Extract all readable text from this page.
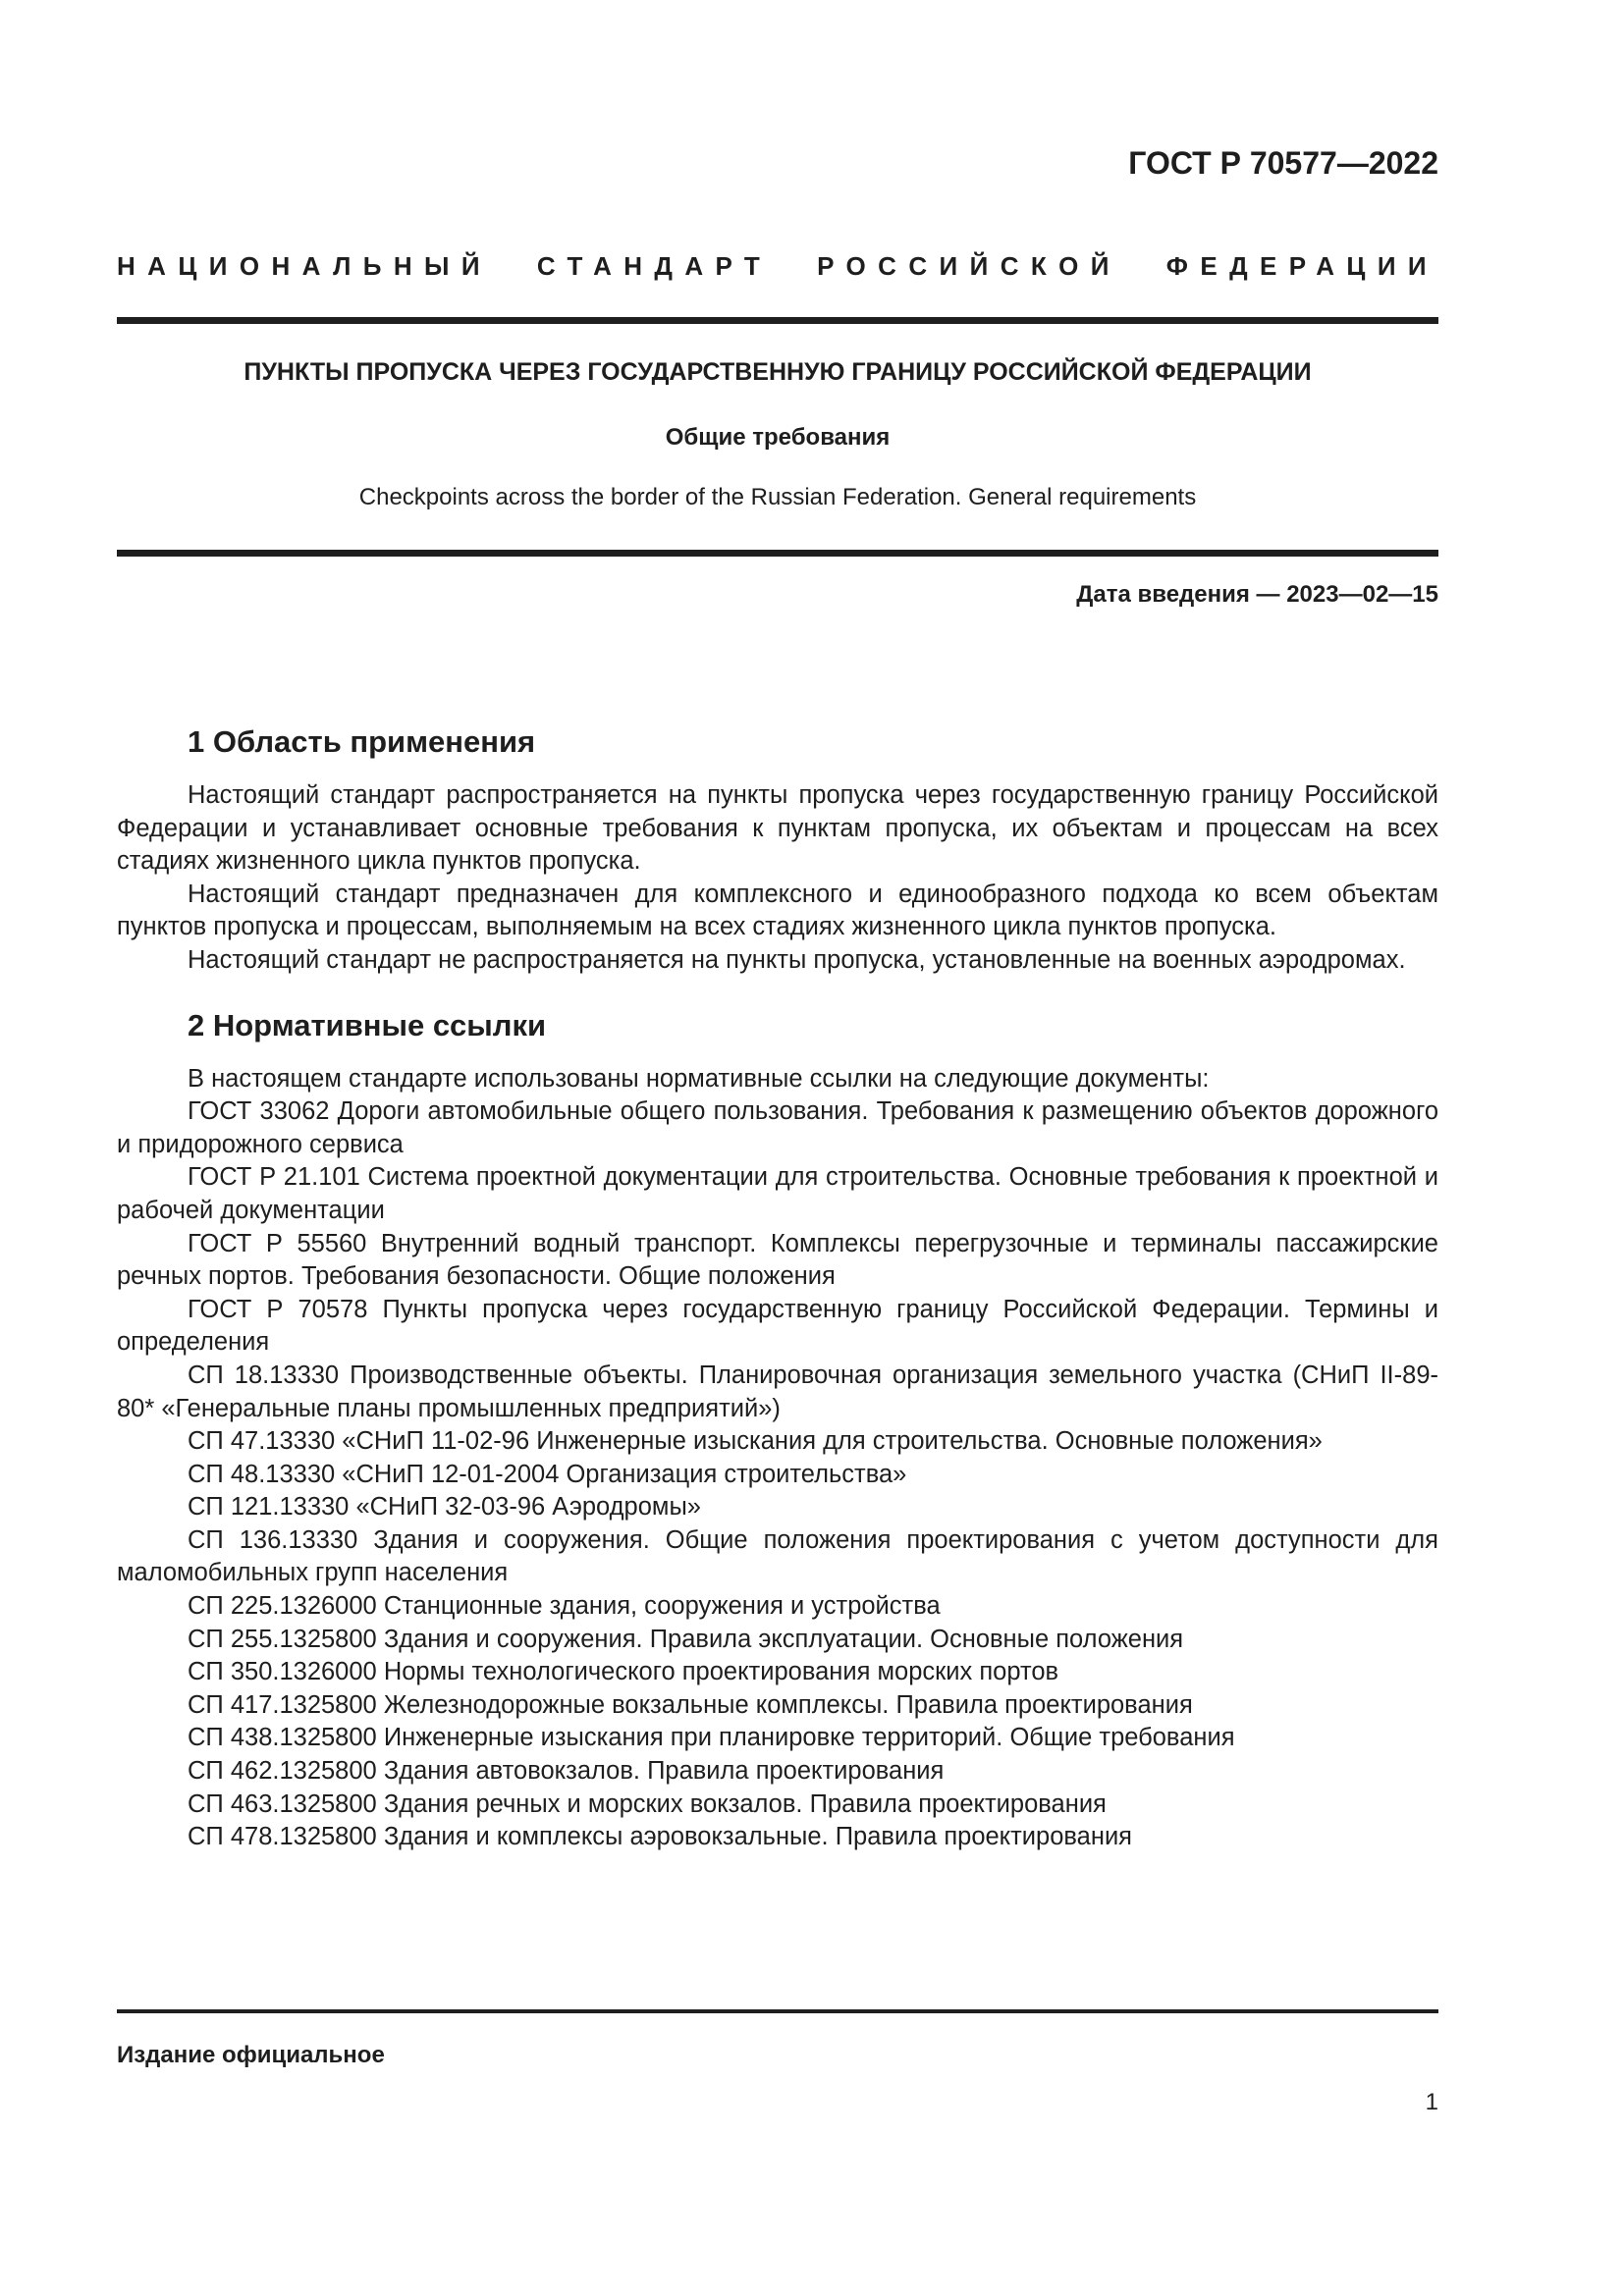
ГОСТ Р 70577—2022
НАЦИОНАЛЬНЫЙ СТАНДАРТ РОССИЙСКОЙ ФЕДЕРАЦИИ
ПУНКТЫ ПРОПУСКА ЧЕРЕЗ ГОСУДАРСТВЕННУЮ ГРАНИЦУ РОССИЙСКОЙ ФЕДЕРАЦИИ
Общие требования
Checkpoints across the border of the Russian Federation. General requirements
Дата введения — 2023—02—15
1 Область применения

Настоящий стандарт распространяется на пункты пропуска через государственную границу Российской Федерации и устанавливает основные требования к пунктам пропуска, их объектам и процессам на всех стадиях жизненного цикла пунктов пропуска.

Настоящий стандарт предназначен для комплексного и единообразного подхода ко всем объектам пунктов пропуска и процессам, выполняемым на всех стадиях жизненного цикла пунктов пропуска.

Настоящий стандарт не распространяется на пункты пропуска, установленные на военных аэродромах.

2 Нормативные ссылки

В настоящем стандарте использованы нормативные ссылки на следующие документы:

ГОСТ 33062 Дороги автомобильные общего пользования. Требования к размещению объектов дорожного и придорожного сервиса

ГОСТ Р 21.101 Система проектной документации для строительства. Основные требования к проектной и рабочей документации

ГОСТ Р 55560 Внутренний водный транспорт. Комплексы перегрузочные и терминалы пассажирские речных портов. Требования безопасности. Общие положения

ГОСТ Р 70578 Пункты пропуска через государственную границу Российской Федерации. Термины и определения

СП 18.13330 Производственные объекты. Планировочная организация земельного участка (СНиП II-89-80* «Генеральные планы промышленных предприятий»)

СП 47.13330 «СНиП 11-02-96 Инженерные изыскания для строительства. Основные положения»

СП 48.13330 «СНиП 12-01-2004 Организация строительства»

СП 121.13330 «СНиП 32-03-96 Аэродромы»

СП 136.13330 Здания и сооружения. Общие положения проектирования с учетом доступности для маломобильных групп населения

СП 225.1326000 Станционные здания, сооружения и устройства

СП 255.1325800 Здания и сооружения. Правила эксплуатации. Основные положения

СП 350.1326000 Нормы технологического проектирования морских портов

СП 417.1325800 Железнодорожные вокзальные комплексы. Правила проектирования

СП 438.1325800 Инженерные изыскания при планировке территорий. Общие требования

СП 462.1325800 Здания автовокзалов. Правила проектирования

СП 463.1325800 Здания речных и морских вокзалов. Правила проектирования

СП 478.1325800 Здания и комплексы аэровокзальные. Правила проектирования

Издание официальное
1
